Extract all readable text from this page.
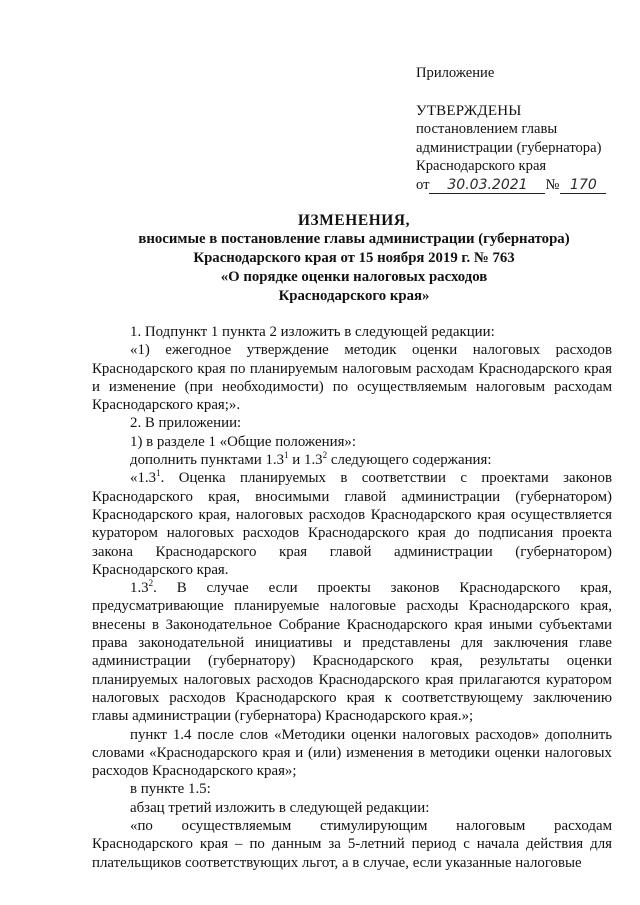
Приложение
УТВЕРЖДЕНЫ
постановлением главы
администрации (губернатора)
Краснодарского края
от 30.03.2021 № 170
ИЗМЕНЕНИЯ,
вносимые в постановление главы администрации (губернатора)
Краснодарского края от 15 ноября 2019 г. № 763
«О порядке оценки налоговых расходов
Краснодарского края»

1. Подпункт 1 пункта 2 изложить в следующей редакции:

«1) ежегодное утверждение методик оценки налоговых расходов Краснодарского края по планируемым налоговым расходам Краснодарского края и изменение (при необходимости) по осуществляемым налоговым расходам Краснодарского края;».

2. В приложении:

1) в разделе 1 «Общие положения»:

дополнить пунктами $1.3^1$ и $1.3^2$ следующего содержания:

«$1.3^1$. Оценка планируемых в соответствии с проектами законов Краснодарского края, вносимыми главой администрации (губернатором) Краснодарского края, налоговых расходов Краснодарского края осуществляется куратором налоговых расходов Краснодарского края до подписания проекта закона Краснодарского края главой администрации (губернатором) Краснодарского края.

$1.3^2$. В случае если проекты законов Краснодарского края, предусматривающие планируемые налоговые расходы Краснодарского края, внесены в Законодательное Собрание Краснодарского края иными субъектами права законодательной инициативы и представлены для заключения главе администрации (губернатору) Краснодарского края, результаты оценки планируемых налоговых расходов Краснодарского края прилагаются куратором налоговых расходов Краснодарского края к соответствующему заключению главы администрации (губернатора) Краснодарского края.»;

пункт 1.4 после слов «Методики оценки налоговых расходов» дополнить словами «Краснодарского края и (или) изменения в методики оценки налоговых расходов Краснодарского края»;

в пункте 1.5:

абзац третий изложить в следующей редакции:

«по осуществляемым стимулирующим налоговым расходам Краснодарского края – по данным за 5-летний период с начала действия для плательщиков соответствующих льгот, а в случае, если указанные налоговые
